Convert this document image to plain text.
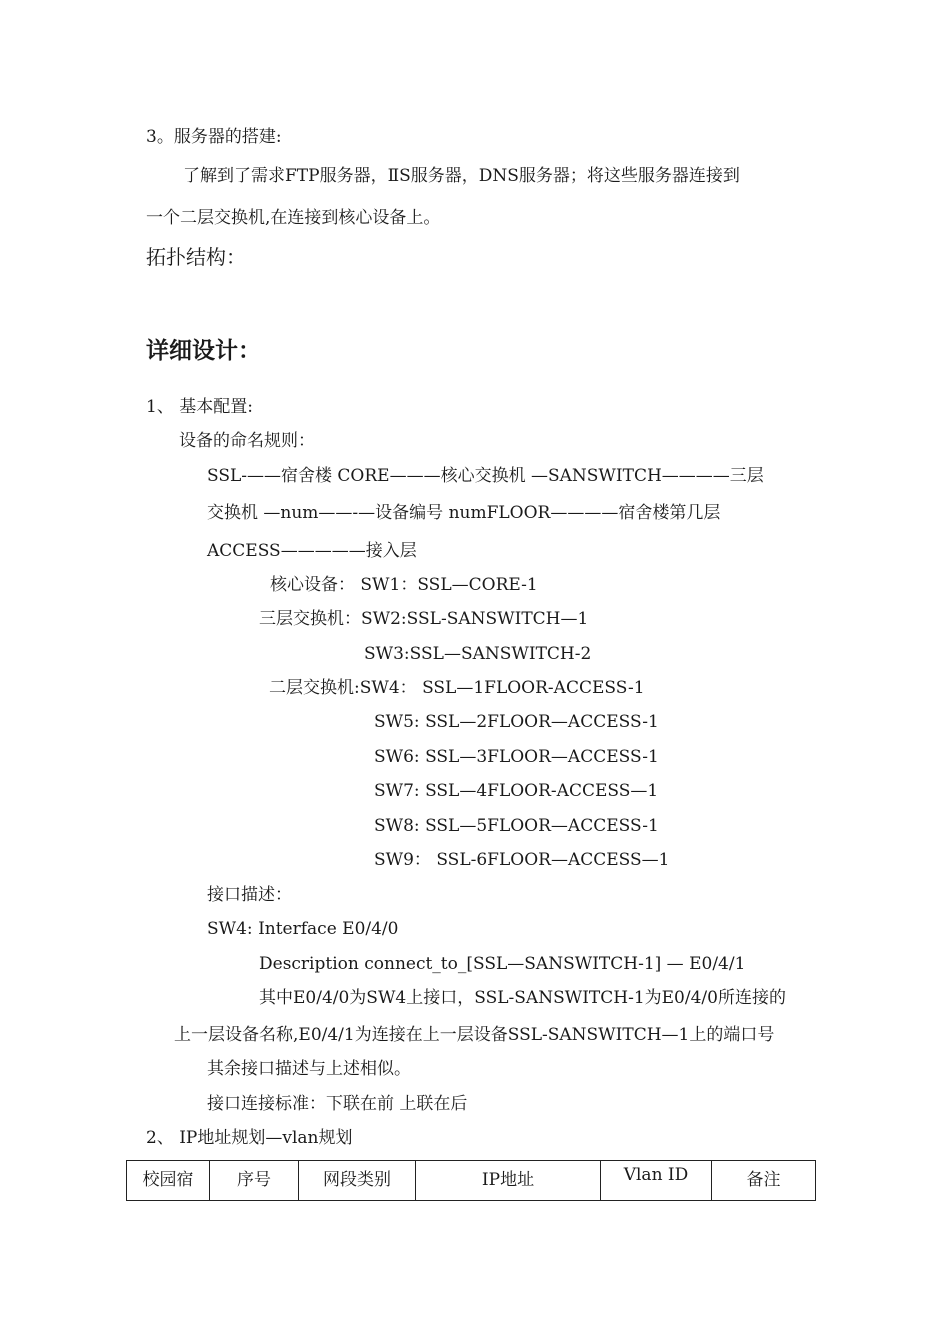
3。服务器的搭建:
了解到了需求FTP服务器，ⅡS服务器，DNS服务器；将这些服务器连接到
一个二层交换机,在连接到核心设备上。
拓扑结构：
详细设计：
1、 基本配置:
设备的命名规则：
SSL-——宿舍楼 CORE———核心交换机 —SANSWITCH————三层
交换机 —num——-—设备编号 numFLOOR————宿舍楼第几层
ACCESS—————接入层
核心设备： SW1：SSL—CORE-1
三层交换机：SW2:SSL-SANSWITCH—1
SW3:SSL—SANSWITCH-2
二层交换机:SW4： SSL—1FLOOR-ACCESS-1
SW5: SSL—2FLOOR—ACCESS-1
SW6: SSL—3FLOOR—ACCESS-1
SW7: SSL—4FLOOR-ACCESS—1
SW8: SSL—5FLOOR—ACCESS-1
SW9： SSL-6FLOOR—ACCESS—1
接口描述：
SW4: Interface E0/4/0
Description connect_to_[SSL—SANSWITCH-1] — E0/4/1
其中E0/4/0为SW4上接口，SSL-SANSWITCH-1为E0/4/0所连接的
上一层设备名称,E0/4/1为连接在上一层设备SSL-SANSWITCH—1上的端口号
其余接口描述与上述相似。
接口连接标准：下联在前 上联在后
2、 IP地址规划—vlan规划
校园宿	序号	网段类别	IP地址	Vlan ID	备注
